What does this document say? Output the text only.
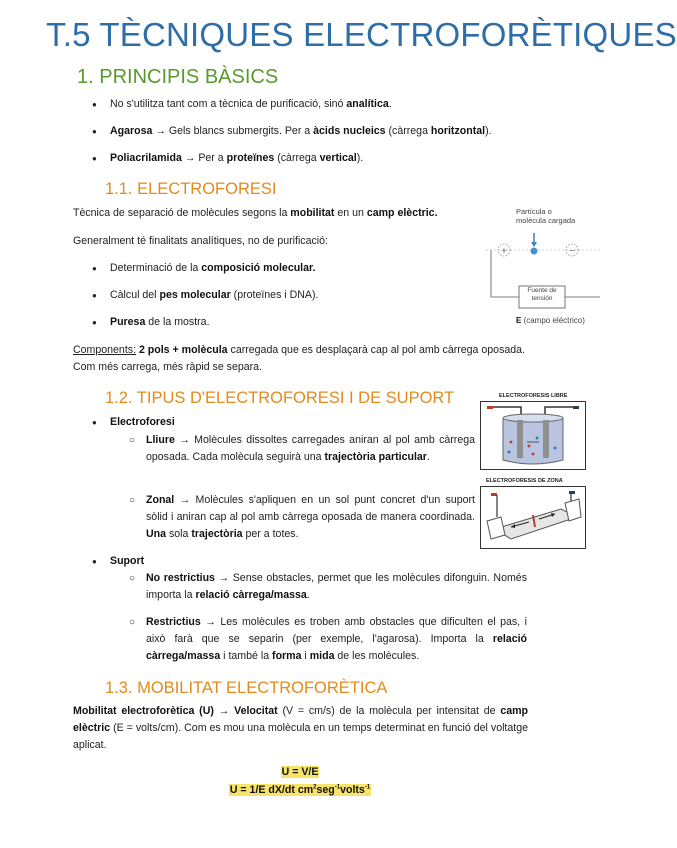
T.5 TÈCNIQUES ELECTROFORÈTIQUES
1. PRINCIPIS BÀSICS
● No s'utilitza tant com a tècnica de purificació, sinó analítica.
● Agarosa → Gels blancs submergits. Per a àcids nucleics (càrrega horitzontal).
● Poliacrilamida → Per a proteïnes (càrrega vertical).
1.1. ELECTROFORESI
Tècnica de separació de molècules segons la mobilitat en un camp elèctric.
Generalment té finalitats analítiques, no de purificació:
● Determinació de la composició molecular.
● Càlcul del pes molecular (proteïnes i DNA).
● Puresa de la mostra.
Components: 2 pols + molècula carregada que es desplaçarà cap al pol amb càrrega oposada. Com més carrega, més ràpid se separa.
Partícula o
molècula cargada
+	−
Fuente de
tensión
E (campo eléctrico)
1.2. TIPUS D'ELECTROFORESI I DE SUPORT
● Electroforesi
○ Lliure → Molècules dissoltes carregades aniran al pol amb càrrega oposada. Cada molècula seguirà una trajectòria particular.
○ Zonal → Molècules s'apliquen en un sol punt concret d'un suport sòlid i aniran cap al pol amb càrrega oposada de manera coordinada. Una sola trajectòria per a totes.
● Suport
○ No restrictius → Sense obstacles, permet que les molècules difonguin. Només importa la relació càrrega/massa.
○ Restrictius → Les molècules es troben amb obstacles que dificulten el pas, i això farà que se separin (per exemple, l'agarosa). Importa la relació càrrega/massa i també la forma i mida de les molècules.
ELECTROFORESIS LIBRE
ELECTROFORESIS DE ZONA
1.3. MOBILITAT ELECTROFORÈTICA
Mobilitat electroforètica (U) → Velocitat (V = cm/s) de la molècula per intensitat de camp elèctric (E = volts/cm). Com es mou una molècula en un temps determinat en funció del voltatge aplicat.
U = V/E
U = 1/E dX/dt $cm^2seg^{-1}volts^{-1}$
